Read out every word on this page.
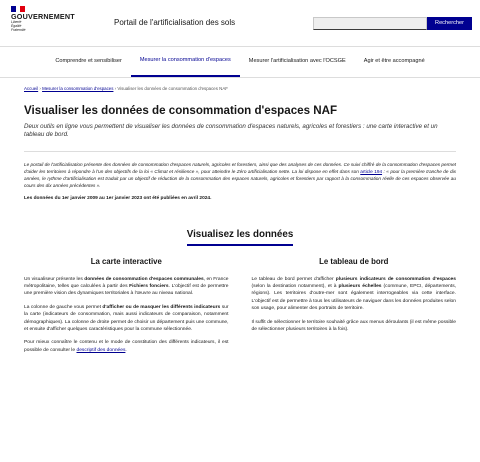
GOUVERNEMENT
Liberté
Égalité
Fraternité
Portail de l'artificialisation des sols	Rechercher
Comprendre et sensibiliser	Mesurer la consommation d'espaces	Mesurer l'artificialisation avec l'OCSGE	Agir et être accompagné
Accueil › Mesurer la consommation d'espaces › Visualiser les données de consommation d'espaces NAF
Visualiser les données de consommation d'espaces NAF

Deux outils en ligne vous permettent de visualiser les données de consommation d'espaces naturels, agricoles et forestiers : une carte interactive et un tableau de bord.

Le portail de l'artificialisation présente des données de consommation d'espaces naturels, agricoles et forestiers, ainsi que des analyses de ces données. Ce suivi chiffré de la consommation d'espaces permet d'aider les territoires à répondre à l'un des objectifs de la loi « Climat et résilience », pour atteindre le Zéro artificialisation nette. La loi dispose en effet dans son article 194 : « pour la première tranche de dix années, le rythme d'artificialisation est traduit par un objectif de réduction de la consommation des espaces naturels, agricoles et forestiers par rapport à la consommation réelle de ces espaces observée au cours des dix années précédentes ».

Les données du 1er janvier 2009 au 1er janvier 2023 ont été publiées en avril 2024.

Visualisez les données
La carte interactive

Un visualiseur présente les données de consommation d'espaces communales, en France métropolitaine, telles que calculées à partir des Fichiers fonciers. L'objectif est de permettre une première vision des dynamiques territoriales à l'œuvre au niveau national.

La colonne de gauche vous permet d'afficher ou de masquer les différents indicateurs sur la carte (indicateurs de consommation, mais aussi indicateurs de comparaison, notamment démographiques). La colonne de droite permet de choisir un département puis une commune, et ensuite d'afficher quelques caractéristiques pour la commune sélectionnée.

Pour mieux connaître le contenu et le mode de constitution des différents indicateurs, il est possible de consulter le descriptif des données.

Le tableau de bord

Le tableau de bord permet d'afficher plusieurs indicateurs de consommation d'espaces (selon la destination notamment), et à plusieurs échelles (commune, EPCI, départements, régions). Les territoires d'outre-mer sont également interrogeables via cette interface. L'objectif est de permettre à tous les utilisateurs de naviguer dans les données produites selon son usage, pour alimenter des portraits de territoire.

Il suffit de sélectionner le territoire souhaité grâce aux menus déroulants (il est même possible de sélectionner plusieurs territoires à la fois).
